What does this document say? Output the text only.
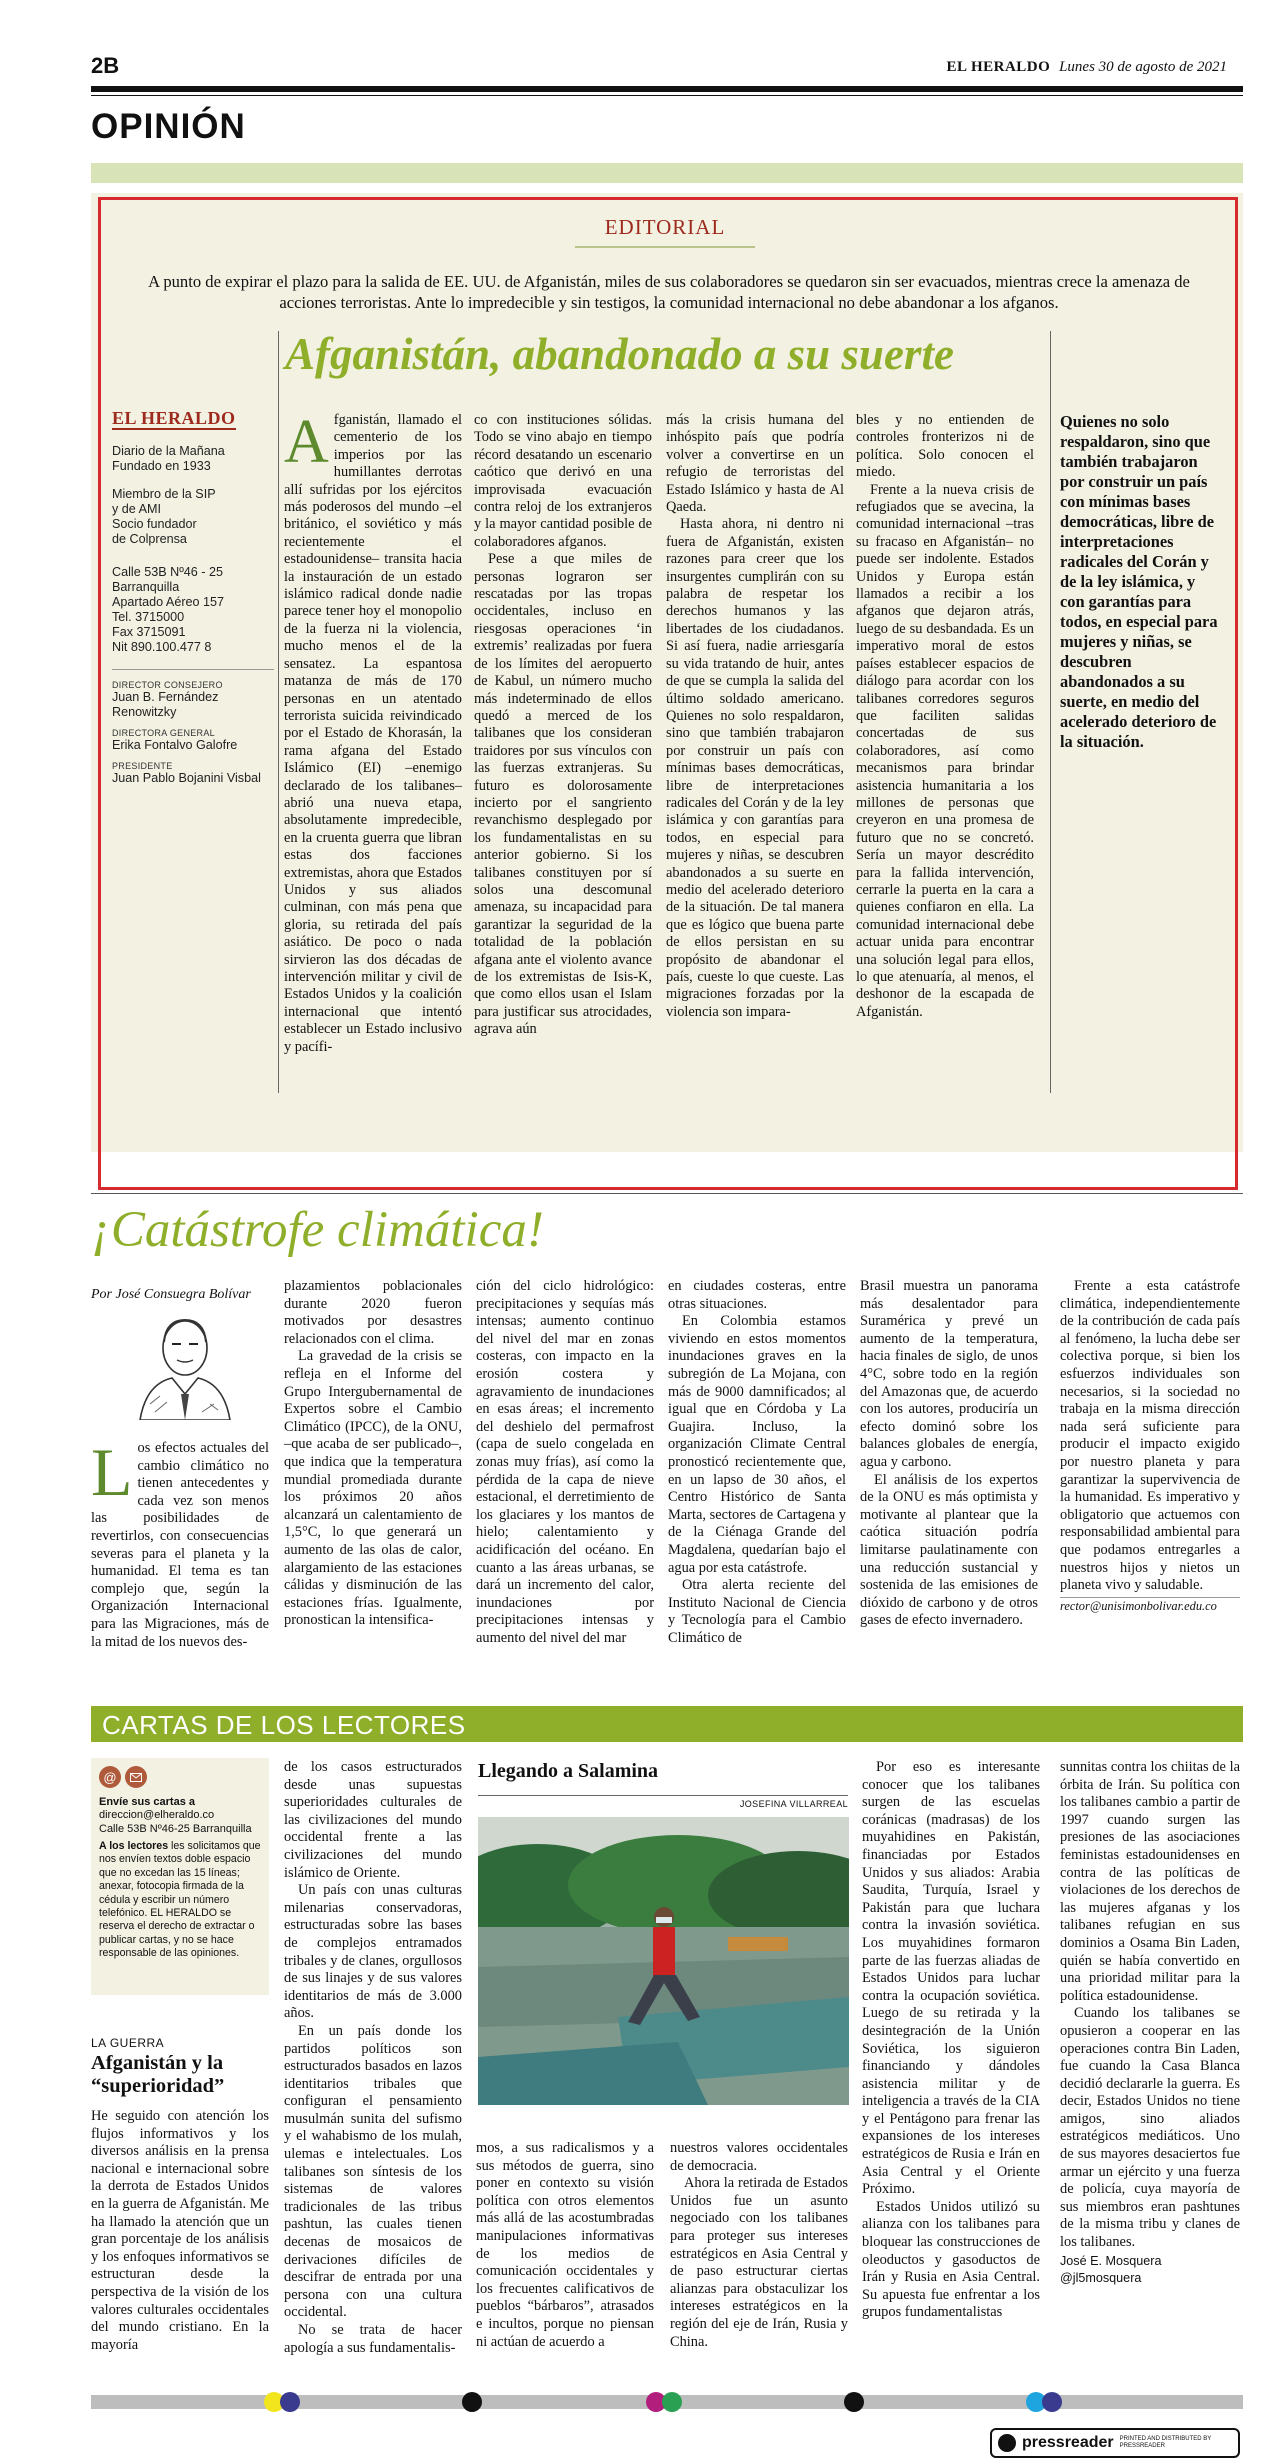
2B	EL HERALDO Lunes 30 de agosto de 2021
OPINIÓN
EDITORIAL
A punto de expirar el plazo para la salida de EE. UU. de Afganistán, miles de sus colaboradores se quedaron sin ser evacuados, mientras crece la amenaza de acciones terroristas. Ante lo impredecible y sin testigos, la comunidad internacional no debe abandonar a los afganos.
Afganistán, abandonado a su suerte
EL HERALDO
Diario de la Mañana
Fundado en 1933
Miembro de la SIP
y de AMI
Socio fundador
de Colprensa
Calle 53B Nº46 - 25
Barranquilla
Apartado Aéreo 157
Tel. 3715000
Fax 3715091
Nit 890.100.477 8
DIRECTOR CONSEJERO
Juan B. Fernández Renowitzky
DIRECTORA GENERAL
Erika Fontalvo Galofre
PRESIDENTE
Juan Pablo Bojanini Visbal
Afganistán, llamado el cementerio de los imperios por las humillantes derrotas allí sufridas por los ejércitos más poderosos del mundo –el británico, el soviético y más recientemente el estadounidense– transita hacia la instauración de un estado islámico radical donde nadie parece tener hoy el monopolio de la fuerza ni la violencia, mucho menos el de la sensatez. La espantosa matanza de más de 170 personas en un atentado terrorista suicida reivindicado por el Estado de Khorasán, la rama afgana del Estado Islámico (EI) –enemigo declarado de los talibanes– abrió una nueva etapa, absolutamente impredecible, en la cruenta guerra que libran estas dos facciones extremistas, ahora que Estados Unidos y sus aliados culminan, con más pena que gloria, su retirada del país asiático. De poco o nada sirvieron las dos décadas de intervención militar y civil de Estados Unidos y la coalición internacional que intentó establecer un Estado inclusivo y pacífi-

co con instituciones sólidas. Todo se vino abajo en tiempo récord desatando un escenario caótico que derivó en una improvisada evacuación contra reloj de los extranjeros y la mayor cantidad posible de colaboradores afganos.

Pese a que miles de personas lograron ser rescatadas por las tropas occidentales, incluso en riesgosas operaciones ‘in extremis’ realizadas por fuera de los límites del aeropuerto de Kabul, un número mucho más indeterminado de ellos quedó a merced de los talibanes que los consideran traidores por sus vínculos con las fuerzas extranjeras. Su futuro es dolorosamente incierto por el sangriento revanchismo desplegado por los fundamentalistas en su anterior gobierno. Si los talibanes constituyen por sí solos una descomunal amenaza, su incapacidad para garantizar la seguridad de la totalidad de la población afgana ante el violento avance de los extremistas de Isis-K, que como ellos usan el Islam para justificar sus atrocidades, agrava aún

más la crisis humana del inhóspito país que podría volver a convertirse en un refugio de terroristas del Estado Islámico y hasta de Al Qaeda.

Hasta ahora, ni dentro ni fuera de Afganistán, existen razones para creer que los insurgentes cumplirán con su palabra de respetar los derechos humanos y las libertades de los ciudadanos. Si así fuera, nadie arriesgaría su vida tratando de huir, antes de que se cumpla la salida del último soldado americano. Quienes no solo respaldaron, sino que también trabajaron por construir un país con mínimas bases democráticas, libre de interpretaciones radicales del Corán y de la ley islámica y con garantías para todos, en especial para mujeres y niñas, se descubren abandonados a su suerte en medio del acelerado deterioro de la situación. De tal manera que es lógico que buena parte de ellos persistan en su propósito de abandonar el país, cueste lo que cueste. Las migraciones forzadas por la violencia son impara-

bles y no entienden de controles fronterizos ni de política. Solo conocen el miedo.

Frente a la nueva crisis de refugiados que se avecina, la comunidad internacional –tras su fracaso en Afganistán– no puede ser indolente. Estados Unidos y Europa están llamados a recibir a los afganos que dejaron atrás, luego de su desbandada. Es un imperativo moral de estos países establecer espacios de diálogo para acordar con los talibanes corredores seguros que faciliten salidas concertadas de sus colaboradores, así como mecanismos para brindar asistencia humanitaria a los millones de personas que creyeron en una promesa de futuro que no se concretó. Sería un mayor descrédito para la fallida intervención, cerrarle la puerta en la cara a quienes confiaron en ella. La comunidad internacional debe actuar unida para encontrar una solución legal para ellos, lo que atenuaría, al menos, el deshonor de la escapada de Afganistán.

Quienes no solo respaldaron, sino que también trabajaron por construir un país con mínimas bases democráticas, libre de interpretaciones radicales del Corán y de la ley islámica, y con garantías para todos, en especial para mujeres y niñas, se descubren abandonados a su suerte, en medio del acelerado deterioro de la situación.
¡Catástrofe climática!
Por José Consuegra Bolívar
Los efectos actuales del cambio climático no tienen antecedentes y cada vez son menos las posibilidades de revertirlos, con consecuencias severas para el planeta y la humanidad. El tema es tan complejo que, según la Organización Internacional para las Migraciones, más de la mitad de los nuevos des-

plazamientos poblacionales durante 2020 fueron motivados por desastres relacionados con el clima.

La gravedad de la crisis se refleja en el Informe del Grupo Intergubernamental de Expertos sobre el Cambio Climático (IPCC), de la ONU, –que acaba de ser publicado–, que indica que la temperatura mundial promediada durante los próximos 20 años alcanzará un calentamiento de 1,5°C, lo que generará un aumento de las olas de calor, alargamiento de las estaciones cálidas y disminución de las estaciones frías. Igualmente, pronostican la intensifica-

ción del ciclo hidrológico: precipitaciones y sequías más intensas; aumento continuo del nivel del mar en zonas costeras, con impacto en la erosión costera y agravamiento de inundaciones en esas áreas; el incremento del deshielo del permafrost (capa de suelo congelada en zonas muy frías), así como la pérdida de la capa de nieve estacional, el derretimiento de los glaciares y los mantos de hielo; calentamiento y acidificación del océano. En cuanto a las áreas urbanas, se dará un incremento del calor, inundaciones por precipitaciones intensas y aumento del nivel del mar

en ciudades costeras, entre otras situaciones.

En Colombia estamos viviendo en estos momentos inundaciones graves en la subregión de La Mojana, con más de 9000 damnificados; al igual que en Córdoba y La Guajira. Incluso, la organización Climate Central pronosticó recientemente que, en un lapso de 30 años, el Centro Histórico de Santa Marta, sectores de Cartagena y de la Ciénaga Grande del Magdalena, quedarían bajo el agua por esta catástrofe.

Otra alerta reciente del Instituto Nacional de Ciencia y Tecnología para el Cambio Climático de

Brasil muestra un panorama más desalentador para Suramérica y prevé un aumento de la temperatura, hacia finales de siglo, de unos 4°C, sobre todo en la región del Amazonas que, de acuerdo con los autores, produciría un efecto dominó sobre los balances globales de energía, agua y carbono.

El análisis de los expertos de la ONU es más optimista y motivante al plantear que la caótica situación podría limitarse paulatinamente con una reducción sustancial y sostenida de las emisiones de dióxido de carbono y de otros gases de efecto invernadero.

Frente a esta catástrofe climática, independientemente de la contribución de cada país al fenómeno, la lucha debe ser colectiva porque, si bien los esfuerzos individuales son necesarios, si la sociedad no trabaja en la misma dirección nada será suficiente para producir el impacto exigido por nuestro planeta y para garantizar la supervivencia de la humanidad. Es imperativo y obligatorio que actuemos con responsabilidad ambiental para que podamos entregarles a nuestros hijos y nietos un planeta vivo y saludable.

rector@unisimonbolivar.edu.co
CARTAS DE LOS LECTORES
@
Envíe sus cartas a
direccion@elheraldo.co
Calle 53B Nº46-25 Barranquilla
A los lectores les solicitamos que nos envíen textos doble espacio que no excedan las 15 líneas; anexar, fotocopia firmada de la cédula y escribir un número telefónico. EL HERALDO se reserva el derecho de extractar o publicar cartas, y no se hace responsable de las opiniones.
LA GUERRA
Afganistán y la “superioridad”

He seguido con atención los flujos informativos y los diversos análisis en la prensa nacional e internacional sobre la derrota de Estados Unidos en la guerra de Afganistán. Me ha llamado la atención que un gran porcentaje de los análisis y los enfoques informativos se estructuran desde la perspectiva de la visión de los valores culturales occidentales del mundo cristiano. En la mayoría

de los casos estructurados desde unas supuestas superioridades culturales de las civilizaciones del mundo occidental frente a las civilizaciones del mundo islámico de Oriente.

Un país con unas culturas milenarias conservadoras, estructuradas sobre las bases de complejos entramados tribales y de clanes, orgullosos de sus linajes y de sus valores identitarios de más de 3.000 años.

En un país donde los partidos políticos son estructurados basados en lazos identitarios tribales que configuran el pensamiento musulmán sunita del sufismo y el wahabismo de los mulah, ulemas e intelectuales. Los talibanes son síntesis de los sistemas de valores tradicionales de las tribus pashtun, las cuales tienen decenas de mosaicos de derivaciones difíciles de descifrar de entrada por una persona con una cultura occidental.

No se trata de hacer apología a sus fundamentalis-

Llegando a Salamina
JOSEFINA VILLARREAL

mos, a sus radicalismos y a sus métodos de guerra, sino poner en contexto su visión política con otros elementos más allá de las acostumbradas manipulaciones informativas de los medios de comunicación occidentales y los frecuentes calificativos de pueblos “bárbaros”, atrasados e incultos, porque no piensan ni actúan de acuerdo a

nuestros valores occidentales de democracia.

Ahora la retirada de Estados Unidos fue un asunto negociado con los talibanes para proteger sus intereses estratégicos en Asia Central y de paso estructurar ciertas alianzas para obstaculizar los intereses estratégicos en la región del eje de Irán, Rusia y China.

Por eso es interesante conocer que los talibanes surgen de las escuelas coránicas (madrasas) de los muyahidines en Pakistán, financiadas por Estados Unidos y sus aliados: Arabia Saudita, Turquía, Israel y Pakistán para que luchara contra la invasión soviética. Los muyahidines formaron parte de las fuerzas aliadas de Estados Unidos para luchar contra la ocupación soviética. Luego de su retirada y la desintegración de la Unión Soviética, los siguieron financiando y dándoles asistencia militar y de inteligencia a través de la CIA y el Pentágono para frenar las expansiones de los intereses estratégicos de Rusia e Irán en Asia Central y el Oriente Próximo.

Estados Unidos utilizó su alianza con los talibanes para bloquear las construcciones de oleoductos y gasoductos de Irán y Rusia en Asia Central. Su apuesta fue enfrentar a los grupos fundamentalistas

sunnitas contra los chiitas de la órbita de Irán. Su política con los talibanes cambio a partir de 1997 cuando surgen las presiones de las asociaciones feministas estadounidenses en contra de las políticas de violaciones de los derechos de las mujeres afganas y los talibanes refugian en sus dominios a Osama Bin Laden, quién se había convertido en una prioridad militar para la política estadounidense.

Cuando los talibanes se opusieron a cooperar en las operaciones contra Bin Laden, fue cuando la Casa Blanca decidió declararle la guerra. Es decir, Estados Unidos no tiene amigos, sino aliados estratégicos mediáticos. Uno de sus mayores desaciertos fue armar un ejército y una fuerza de policía, cuya mayoría de sus miembros eran pashtunes de la misma tribu y clanes de los talibanes.

José E. Mosquera
@jl5mosquera
pressreader PRINTED AND DISTRIBUTED BY PRESSREADER
